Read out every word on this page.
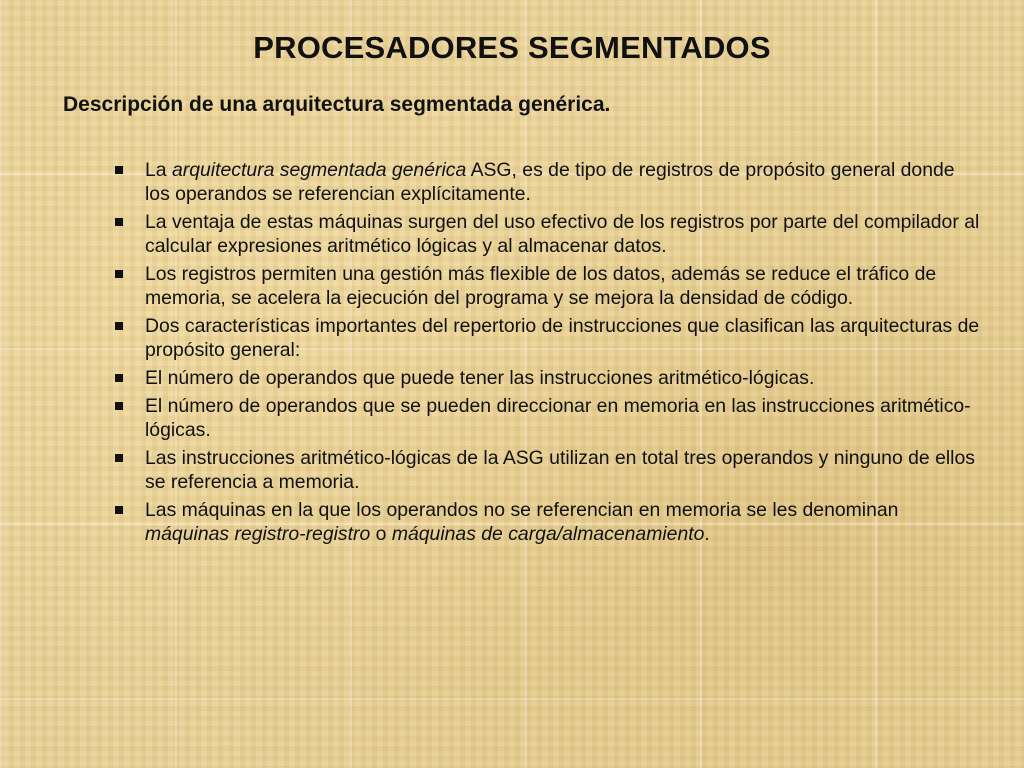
PROCESADORES SEGMENTADOS
Descripción de una arquitectura segmentada genérica.
La arquitectura segmentada genérica ASG, es de tipo de registros de propósito general donde los operandos se referencian explícitamente.
La ventaja de estas máquinas surgen del uso efectivo de los registros por parte del compilador al calcular expresiones aritmético lógicas y al almacenar datos.
Los registros permiten una gestión más flexible de los datos, además se reduce el tráfico de memoria, se acelera la ejecución del programa y se mejora la densidad de código.
Dos características importantes del repertorio de instrucciones que clasifican las arquitecturas de propósito general:
El número de operandos que puede tener las instrucciones aritmético-lógicas.
El número de operandos que se pueden direccionar en memoria en las instrucciones aritmético-lógicas.
Las instrucciones aritmético-lógicas de la ASG utilizan en total tres operandos y ninguno de ellos se referencia a memoria.
Las máquinas en la que los operandos no se referencian en memoria se les denominan máquinas registro-registro o máquinas de carga/almacenamiento.
